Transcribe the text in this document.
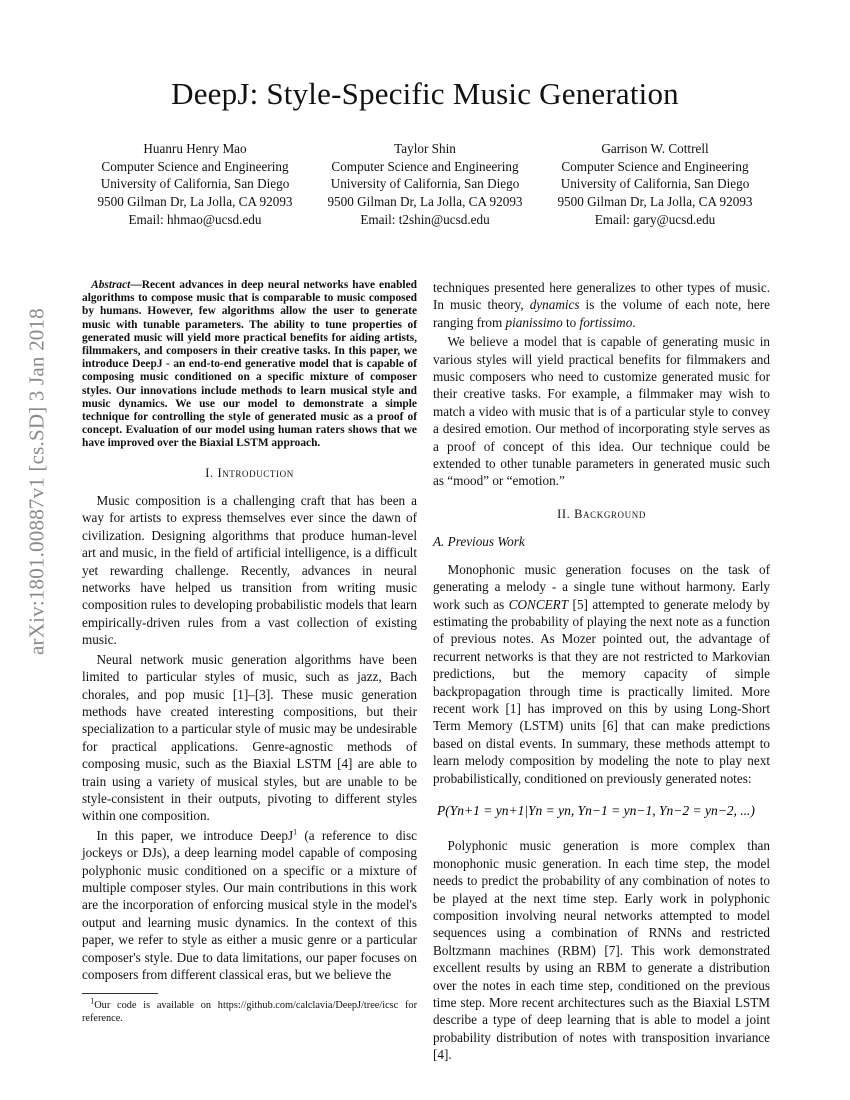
arXiv:1801.00887v1 [cs.SD] 3 Jan 2018
DeepJ: Style-Specific Music Generation
Huanru Henry Mao
Computer Science and Engineering
University of California, San Diego
9500 Gilman Dr, La Jolla, CA 92093
Email: hhmao@ucsd.edu
Taylor Shin
Computer Science and Engineering
University of California, San Diego
9500 Gilman Dr, La Jolla, CA 92093
Email: t2shin@ucsd.edu
Garrison W. Cottrell
Computer Science and Engineering
University of California, San Diego
9500 Gilman Dr, La Jolla, CA 92093
Email: gary@ucsd.edu

Abstract—Recent advances in deep neural networks have enabled algorithms to compose music that is comparable to music composed by humans. However, few algorithms allow the user to generate music with tunable parameters. The ability to tune properties of generated music will yield more practical benefits for aiding artists, filmmakers, and composers in their creative tasks. In this paper, we introduce DeepJ - an end-to-end generative model that is capable of composing music conditioned on a specific mixture of composer styles. Our innovations include methods to learn musical style and music dynamics. We use our model to demonstrate a simple technique for controlling the style of generated music as a proof of concept. Evaluation of our model using human raters shows that we have improved over the Biaxial LSTM approach.

I. Introduction

Music composition is a challenging craft that has been a way for artists to express themselves ever since the dawn of civilization. Designing algorithms that produce human-level art and music, in the field of artificial intelligence, is a difficult yet rewarding challenge. Recently, advances in neural networks have helped us transition from writing music composition rules to developing probabilistic models that learn empirically-driven rules from a vast collection of existing music.

Neural network music generation algorithms have been limited to particular styles of music, such as jazz, Bach chorales, and pop music [1]–[3]. These music generation methods have created interesting compositions, but their specialization to a particular style of music may be undesirable for practical applications. Genre-agnostic methods of composing music, such as the Biaxial LSTM [4] are able to train using a variety of musical styles, but are unable to be style-consistent in their outputs, pivoting to different styles within one composition.

In this paper, we introduce DeepJ$^1$ (a reference to disc jockeys or DJs), a deep learning model capable of composing polyphonic music conditioned on a specific or a mixture of multiple composer styles. Our main contributions in this work are the incorporation of enforcing musical style in the model's output and learning music dynamics. In the context of this paper, we refer to style as either a music genre or a particular composer's style. Due to data limitations, our paper focuses on composers from different classical eras, but we believe the

$^1$Our code is available on https://github.com/calclavia/DeepJ/tree/icsc for reference.

techniques presented here generalizes to other types of music. In music theory, dynamics is the volume of each note, here ranging from pianissimo to fortissimo.

We believe a model that is capable of generating music in various styles will yield practical benefits for filmmakers and music composers who need to customize generated music for their creative tasks. For example, a filmmaker may wish to match a video with music that is of a particular style to convey a desired emotion. Our method of incorporating style serves as a proof of concept of this idea. Our technique could be extended to other tunable parameters in generated music such as “mood” or “emotion.”

II. Background
A. Previous Work

Monophonic music generation focuses on the task of generating a melody - a single tune without harmony. Early work such as CONCERT [5] attempted to generate melody by estimating the probability of playing the next note as a function of previous notes. As Mozer pointed out, the advantage of recurrent networks is that they are not restricted to Markovian predictions, but the memory capacity of simple backpropagation through time is practically limited. More recent work [1] has improved on this by using Long-Short Term Memory (LSTM) units [6] that can make predictions based on distal events. In summary, these methods attempt to learn melody composition by modeling the note to play next probabilistically, conditioned on previously generated notes:

P(Yn+1 = yn+1|Yn = yn, Yn−1 = yn−1, Yn−2 = yn−2, ...)

Polyphonic music generation is more complex than monophonic music generation. In each time step, the model needs to predict the probability of any combination of notes to be played at the next time step. Early work in polyphonic composition involving neural networks attempted to model sequences using a combination of RNNs and restricted Boltzmann machines (RBM) [7]. This work demonstrated excellent results by using an RBM to generate a distribution over the notes in each time step, conditioned on the previous time step. More recent architectures such as the Biaxial LSTM describe a type of deep learning that is able to model a joint probability distribution of notes with transposition invariance [4].
